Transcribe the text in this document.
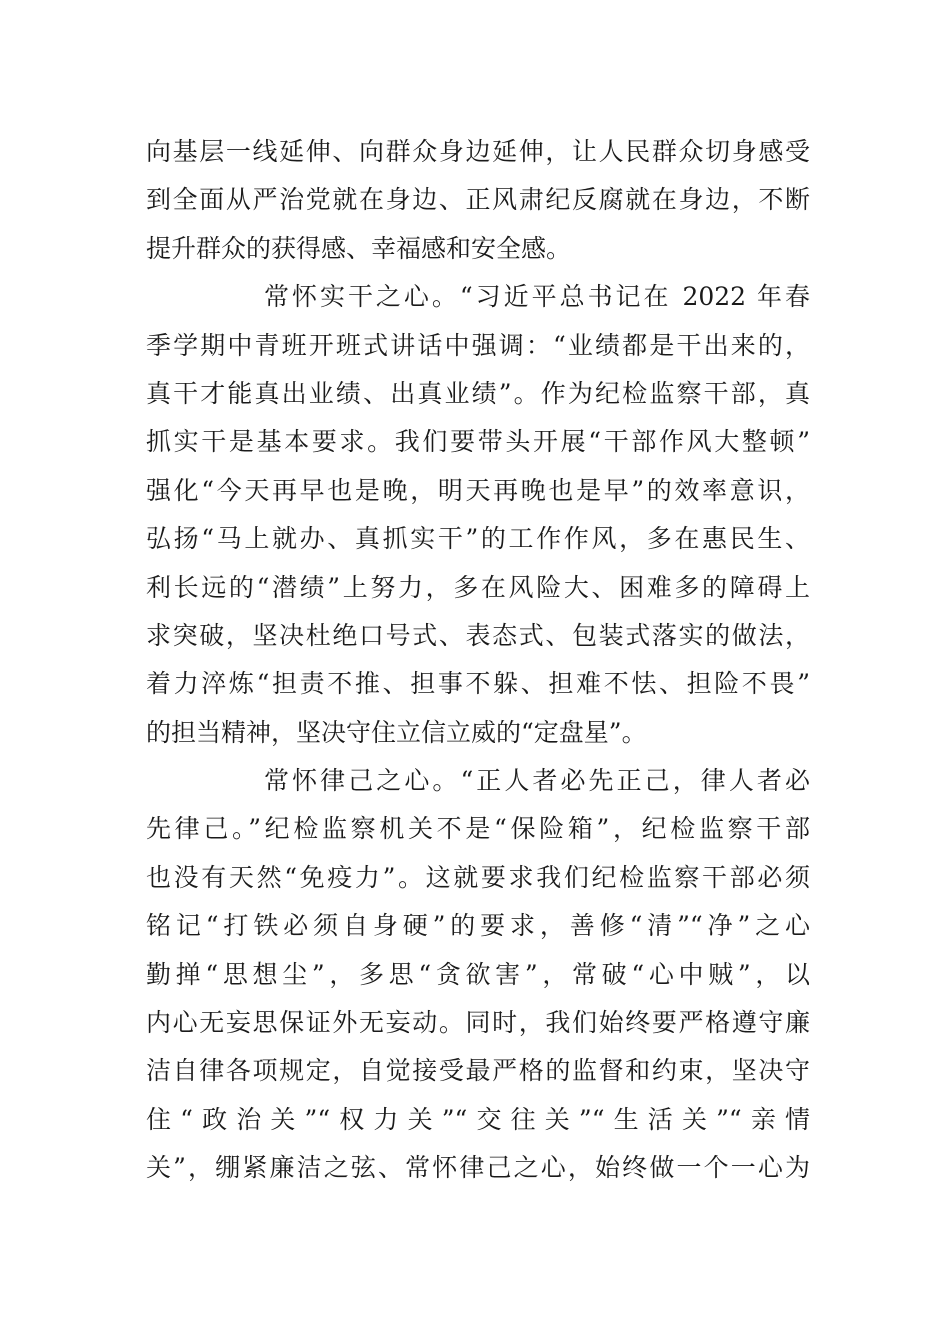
向基层一线延伸、向群众身边延伸，让人民群众切身感受
到全面从严治党就在身边、正风肃纪反腐就在身边，不断
提升群众的获得感、幸福感和安全感。
常怀实干之心。“习近平总书记在 2022 年春
季学期中青班开班式讲话中强调：“业绩都是干出来的，
真干才能真出业绩、出真业绩”。作为纪检监察干部，真
抓实干是基本要求。我们要带头开展“干部作风大整顿”
强化“今天再早也是晚，明天再晚也是早”的效率意识，
弘扬“马上就办、真抓实干”的工作作风，多在惠民生、
利长远的“潜绩”上努力，多在风险大、困难多的障碍上
求突破，坚决杜绝口号式、表态式、包装式落实的做法，
着力淬炼“担责不推、担事不躲、担难不怯、担险不畏”
的担当精神，坚决守住立信立威的“定盘星”。
常怀律己之心。“正人者必先正己，律人者必
先律己。”纪检监察机关不是“保险箱”，纪检监察干部
也没有天然“免疫力”。这就要求我们纪检监察干部必须
铭记“打铁必须自身硬”的要求，善修“清”“净”之心
勤掸“思想尘”，多思“贪欲害”，常破“心中贼”，以
内心无妄思保证外无妄动。同时，我们始终要严格遵守廉
洁自律各项规定，自觉接受最严格的监督和约束，坚决守
住“政治关”“权力关”“交往关”“生活关”“亲情
关”，绷紧廉洁之弦、常怀律己之心，始终做一个一心为
